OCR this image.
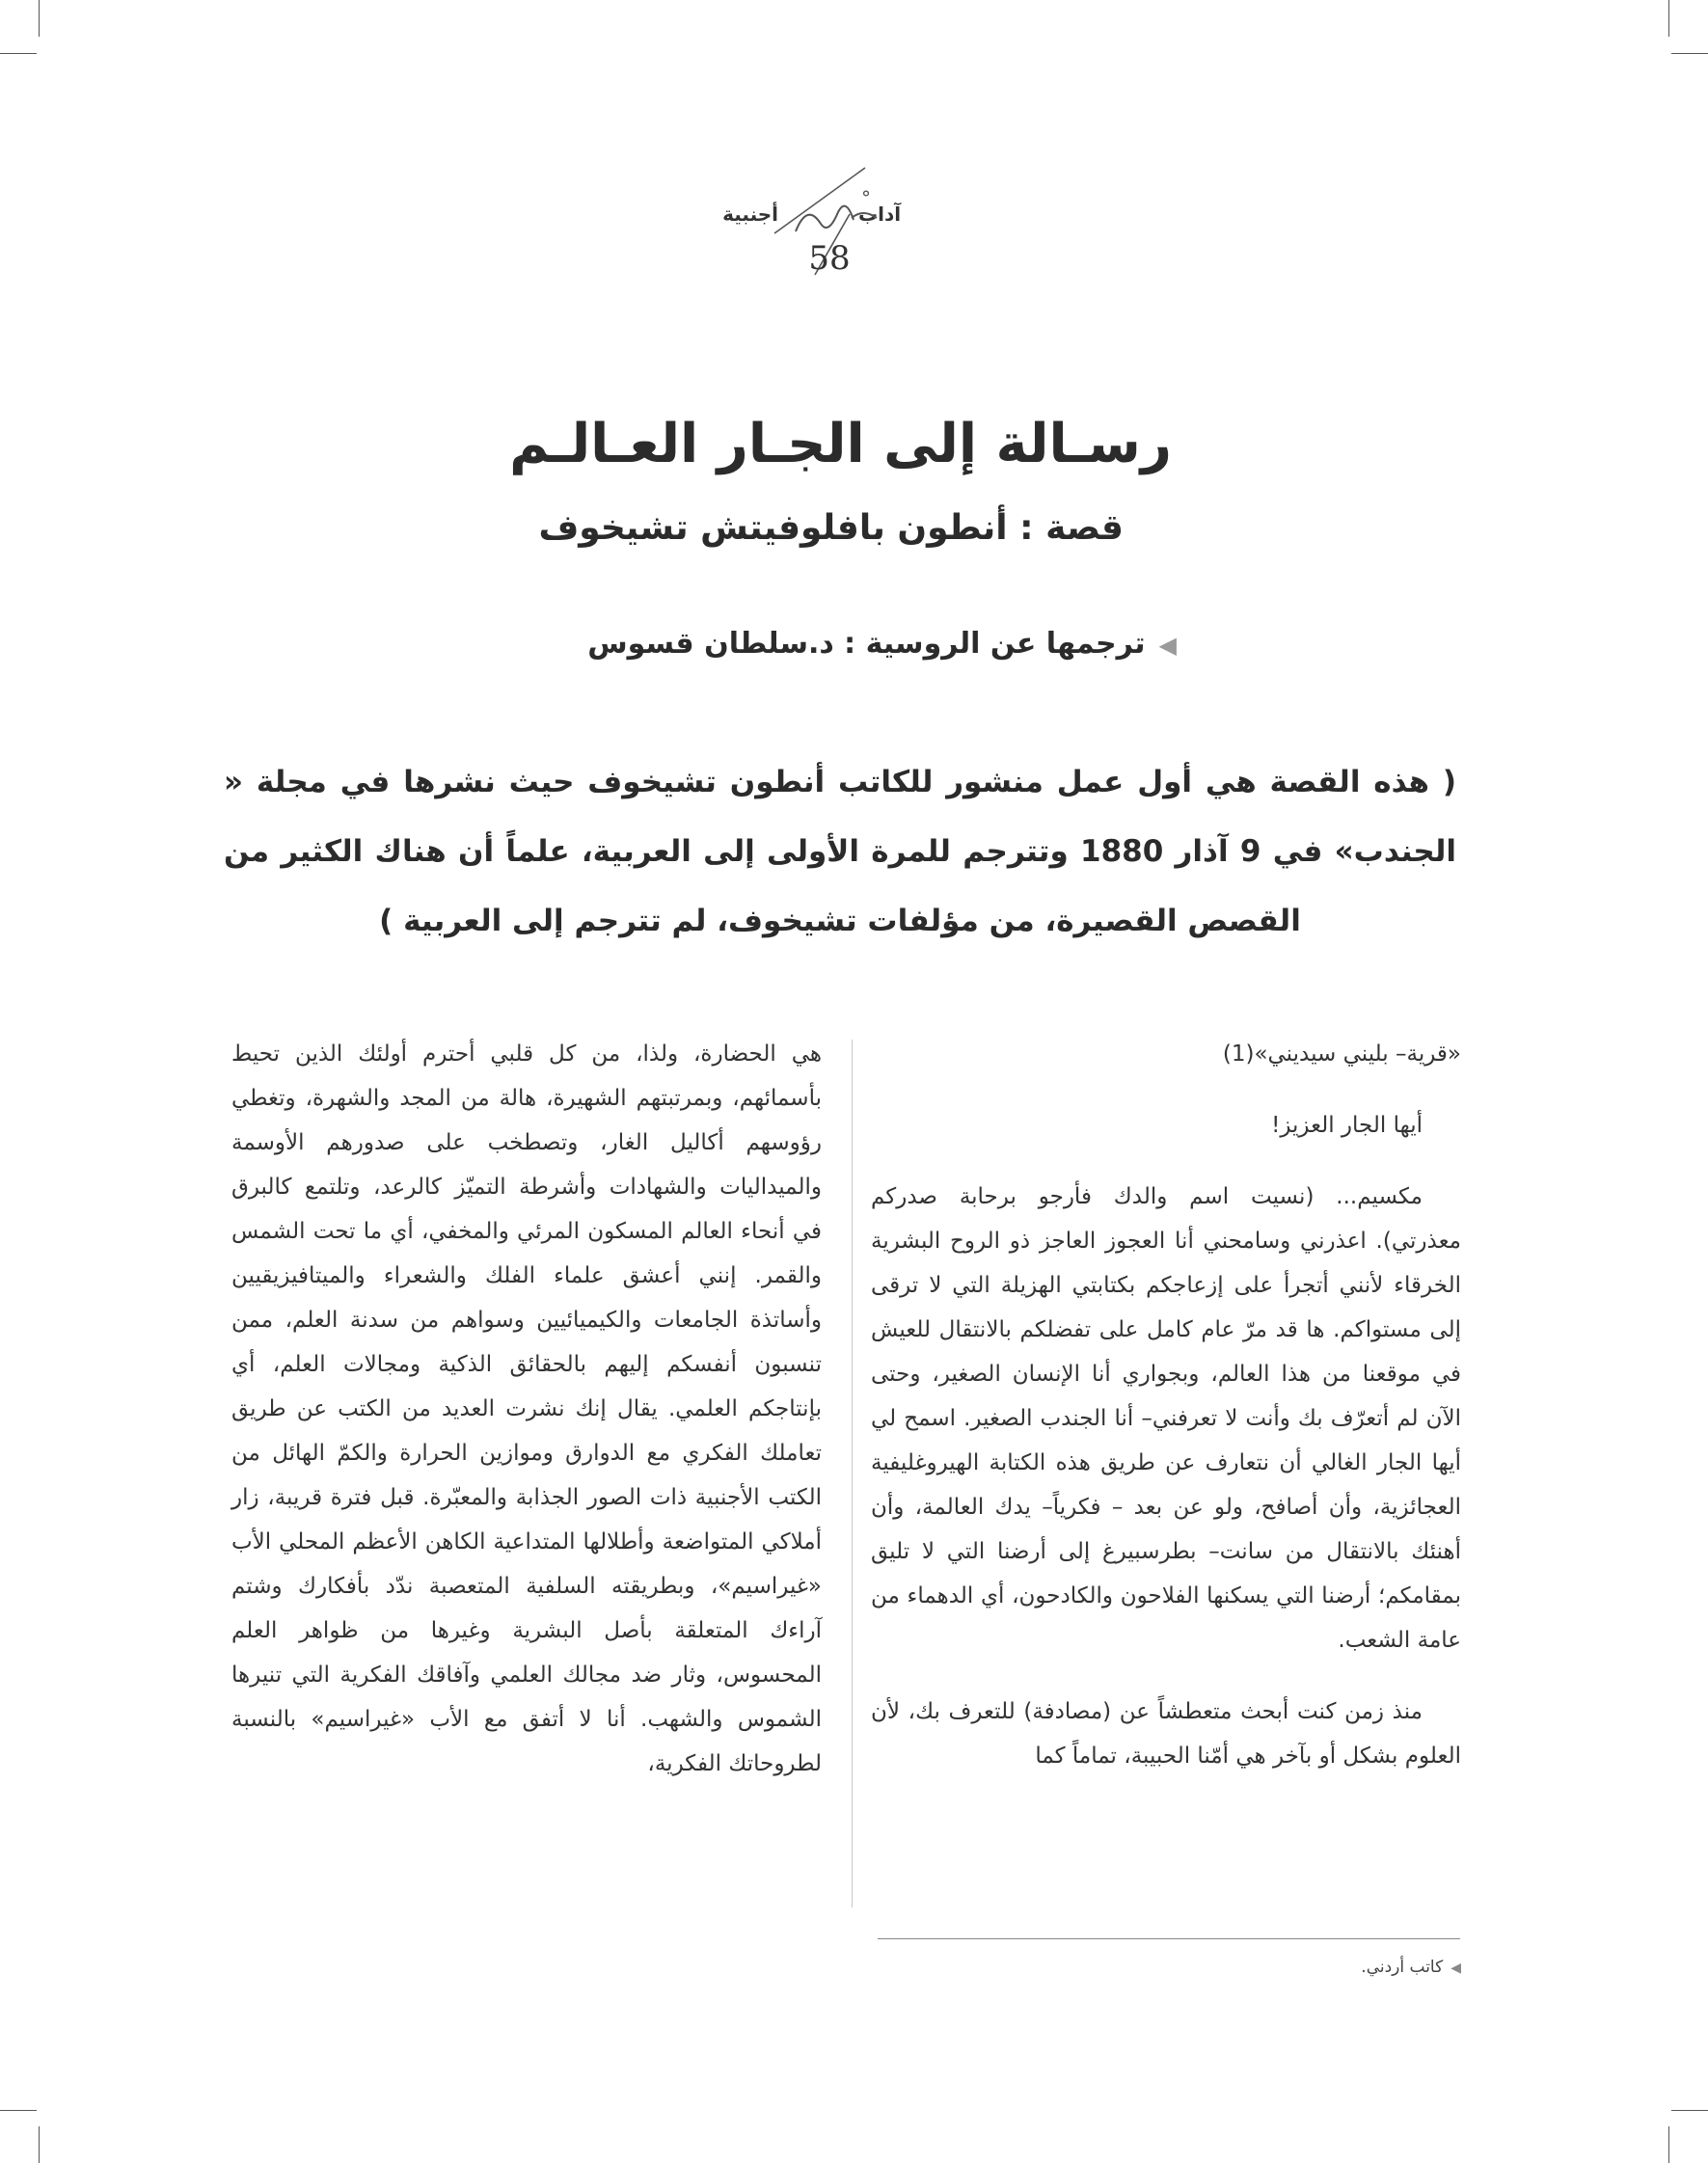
آداب
أجنبية
°
58
رسـالة إلى الجـار العـالـم
قصة : أنطون بافلوفيتش تشيخوف
◀ترجمها عن الروسية : د.سلطان قسوس
( هذه القصة هي أول عمل منشور للكاتب أنطون تشيخوف حيث نشرها في مجلة « الجندب» في 9 آذار 1880 وتترجم للمرة الأولى إلى العربية، علماً أن هناك الكثير من القصص القصيرة، من مؤلفات تشيخوف، لم تترجم إلى العربية )

«قرية– بليني سيديني»(1)

أيها الجار العزيز!

مكسيم... (نسيت اسم والدك فأرجو برحابة صدركم معذرتي). اعذرني وسامحني أنا العجوز العاجز ذو الروح البشرية الخرقاء لأنني أتجرأ على إزعاجكم بكتابتي الهزيلة التي لا ترقى إلى مستواكم. ها قد مرّ عام كامل على تفضلكم بالانتقال للعيش في موقعنا من هذا العالم، وبجواري أنا الإنسان الصغير، وحتى الآن لم أتعرّف بك وأنت لا تعرفني– أنا الجندب الصغير. اسمح لي أيها الجار الغالي أن نتعارف عن طريق هذه الكتابة الهيروغليفية العجائزية، وأن أصافح، ولو عن بعد – فكرياً– يدك العالمة، وأن أهنئك بالانتقال من سانت– بطرسبيرغ إلى أرضنا التي لا تليق بمقامكم؛ أرضنا التي يسكنها الفلاحون والكادحون، أي الدهماء من عامة الشعب.

منذ زمن كنت أبحث متعطشاً عن (مصادفة) للتعرف بك، لأن العلوم بشكل أو بآخر هي أمّنا الحبيبة، تماماً كما

هي الحضارة، ولذا، من كل قلبي أحترم أولئك الذين تحيط بأسمائهم، وبمرتبتهم الشهيرة، هالة من المجد والشهرة، وتغطي رؤوسهم أكاليل الغار، وتصطخب على صدورهم الأوسمة والميداليات والشهادات وأشرطة التميّز كالرعد، وتلتمع كالبرق في أنحاء العالم المسكون المرئي والمخفي، أي ما تحت الشمس والقمر. إنني أعشق علماء الفلك والشعراء والميتافيزيقيين وأساتذة الجامعات والكيميائيين وسواهم من سدنة العلم، ممن تنسبون أنفسكم إليهم بالحقائق الذكية ومجالات العلم، أي بإنتاجكم العلمي. يقال إنك نشرت العديد من الكتب عن طريق تعاملك الفكري مع الدوارق وموازين الحرارة والكمّ الهائل من الكتب الأجنبية ذات الصور الجذابة والمعبّرة. قبل فترة قريبة، زار أملاكي المتواضعة وأطلالها المتداعية الكاهن الأعظم المحلي الأب «غيراسيم»، وبطريقته السلفية المتعصبة ندّد بأفكارك وشتم آراءك المتعلقة بأصل البشرية وغيرها من ظواهر العلم المحسوس، وثار ضد مجالك العلمي وآفاقك الفكرية التي تنيرها الشموس والشهب. أنا لا أتفق مع الأب «غيراسيم» بالنسبة لطروحاتك الفكرية،

◀كاتب أردني.
